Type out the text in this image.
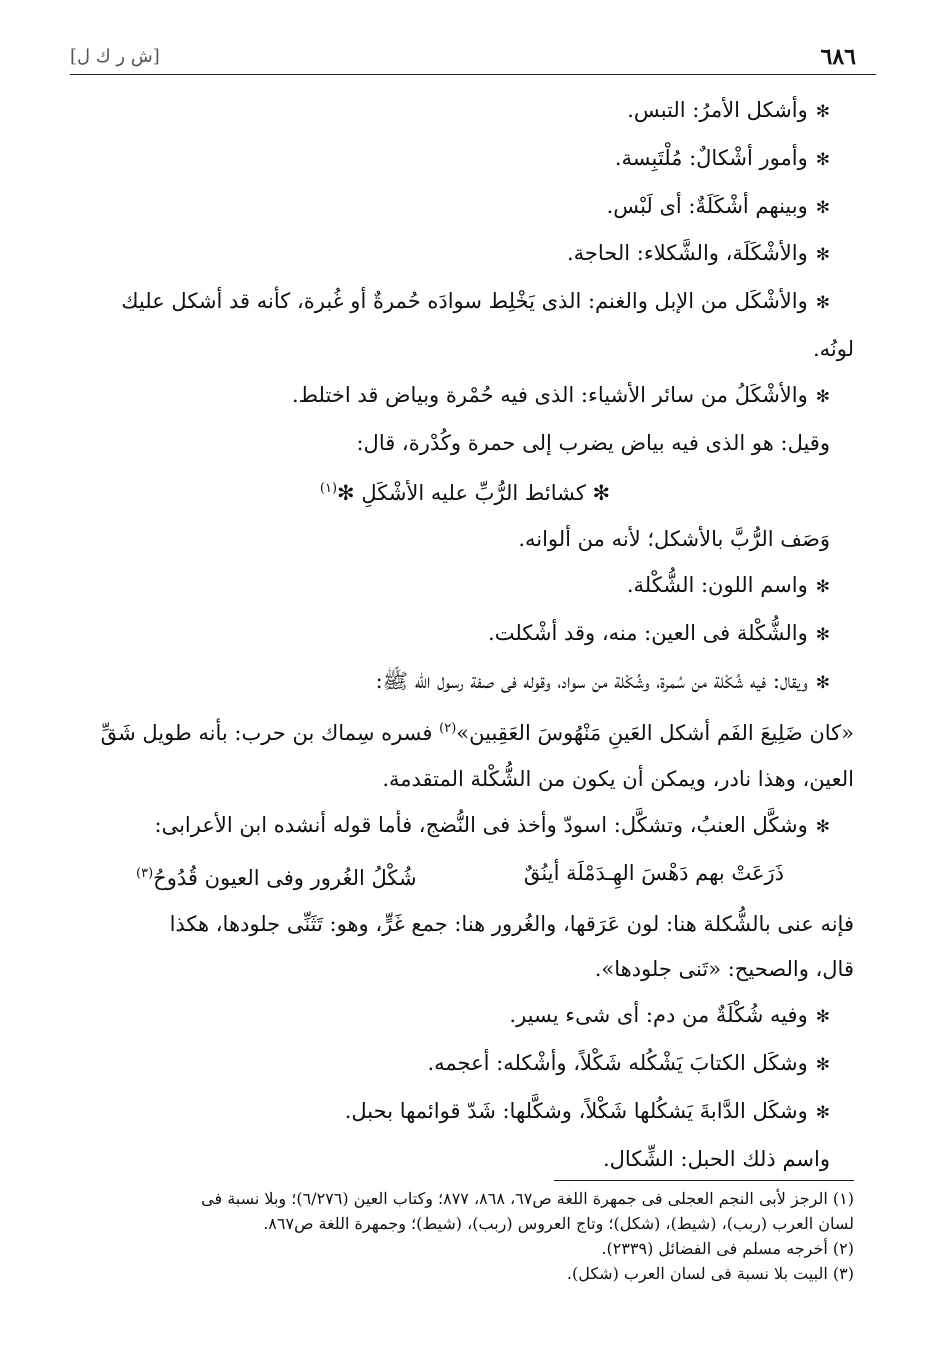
٦٨٦
[ش ر ك ل]

✻ وأشكل الأمرُ: التبس.

✻ وأمور أشْكالٌ: مُلْتَبِسة.

✻ وبينهم أشْكَلَةٌ: أى لَبْس.

✻ والأشْكَلَة، والشَّكلاء: الحاجة.

✻ والأشْكَل من الإبل والغنم: الذى يَخْلِط سوادَه حُمرةٌ أو غُبرة، كأنه قد أشكل عليك

لونُه.

✻ والأشْكَلُ من سائر الأشياء: الذى فيه حُمْرة وبياض قد اختلط.

وقيل: هو الذى فيه بياض يضرب إلى حمرة وكُدْرة، قال:

✻ كشائط الرُّبِّ عليه الأشْكَلِ ✻$^{(١)}$

وَصَف الرُّبَّ بالأشكل؛ لأنه من ألوانه.

✻ واسم اللون: الشُّكْلة.

✻ والشُّكْلة فى العين: منه، وقد أشْكلت.

✻ ويقال: فيه شُكْلة من سُمرة، وشُكْلة من سواد، وقوله فى صفة رسول الله ﷺ:

«كان ضَلِيعَ الفَم أشكل العَينِ مَنْهُوسَ العَقِبين»$^{(٢)}$ فسره سِماك بن حرب: بأنه طويل شَقِّ

العين، وهذا نادر، ويمكن أن يكون من الشُّكْلة المتقدمة.

✻ وشكَّل العنبُ، وتشكَّل: اسودّ وأخذ فى النُّضج، فأما قوله أنشده ابن الأعرابى:

ذَرَعَتْ بهم دَهْسَ الهِـدَمْلَة أينُقٌ
شُكْلُ الغُرور وفى العيون قُدُوحُ$^{(٣)}$

فإنه عنى بالشُّكلة هنا: لون عَرَقها، والغُرور هنا: جمع غَرٍّ، وهو: تَثَنِّى جلودها، هكذا

قال، والصحيح: «تَنى جلودها».

✻ وفيه شُكْلَةٌ من دم: أى شىء يسير.

✻ وشكَل الكتابَ يَشْكُله شَكْلاً، وأشْكله: أعجمه.

✻ وشكَل الدَّابةَ يَشكُلها شَكْلاً، وشكَّلها: شَدّ قوائمها بحبل.

واسم ذلك الحبل: الشِّكال.

(١) الرجز لأبى النجم العجلى فى جمهرة اللغة ص٦٧، ٨٦٨، ٨٧٧؛ وكتاب العين (٦/٢٧٦)؛ وبلا نسبة فى

لسان العرب (ربب)، (شيط)، (شكل)؛ وتاج العروس (ربب)، (شيط)؛ وجمهرة اللغة ص٨٦٧.

(٢) أخرجه مسلم فى الفضائل (٢٣٣٩).

(٣) البيت بلا نسبة فى لسان العرب (شكل).
